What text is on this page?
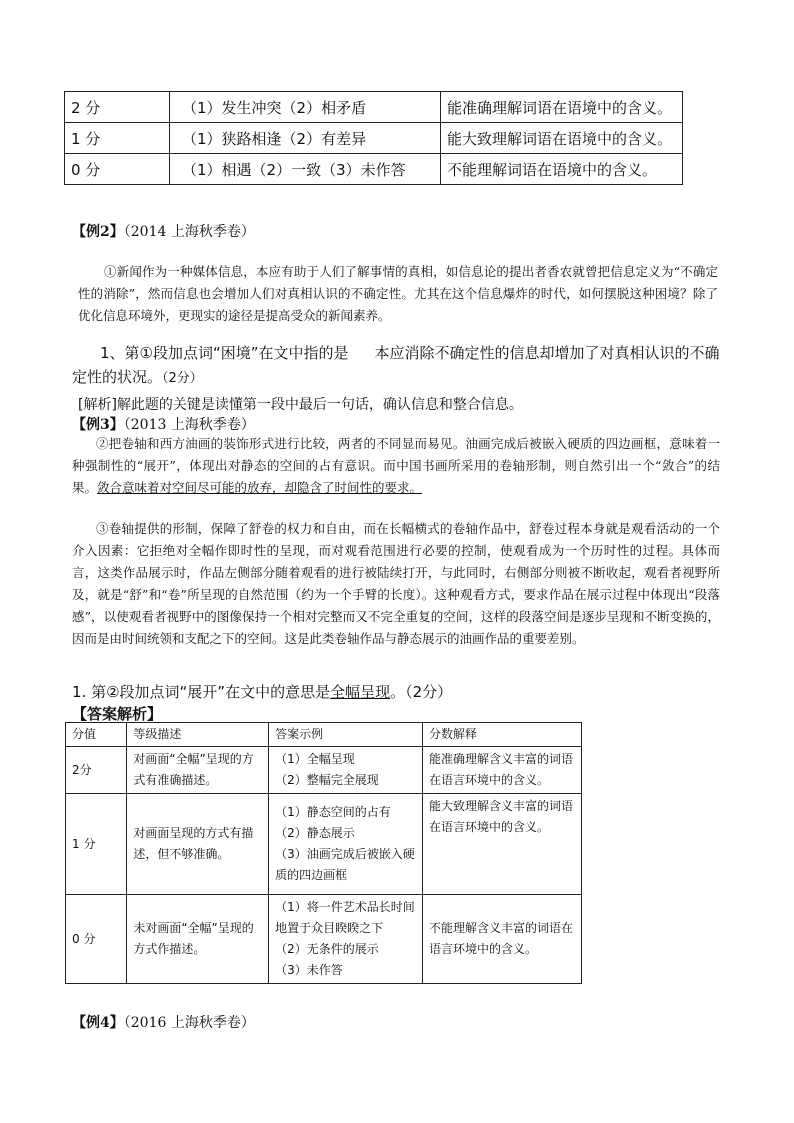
2 分	（1）发生冲突（2）相矛盾	能准确理解词语在语境中的含义。
1 分	（1）狭路相逢（2）有差异	能大致理解词语在语境中的含义。
0 分	（1）相遇（2）一致（3）未作答	不能理解词语在语境中的含义。
【例2】（2014 上海秋季卷）

①新闻作为一种媒体信息，本应有助于人们了解事情的真相，如信息论的提出者香农就曾把信息定义为“不确定性的消除”，然而信息也会增加人们对真相认识的不确定性。尤其在这个信息爆炸的时代，如何摆脱这种困境？除了优化信息环境外，更现实的途径是提高受众的新闻素养。

1、第①段加点词“困境”在文中指的是 本应消除不确定性的信息却增加了对真相认识的不确定性的状况。（2分）

[解析]解此题的关键是读懂第一段中最后一句话，确认信息和整合信息。
【例3】（2013 上海秋季卷）

②把卷轴和西方油画的装饰形式进行比较，两者的不同显而易见。油画完成后被嵌入硬质的四边画框，意味着一种强制性的“展开”，体现出对静态的空间的占有意识。而中国书画所采用的卷轴形制，则自然引出一个“敛合”的结果。敛合意味着对空间尽可能的放弃，却隐含了时间性的要求。

③卷轴提供的形制，保障了舒卷的权力和自由，而在长幅横式的卷轴作品中，舒卷过程本身就是观看活动的一个介入因素：它拒绝对全幅作即时性的呈现，而对观看范围进行必要的控制，使观看成为一个历时性的过程。具体而言，这类作品展示时，作品左侧部分随着观看的进行被陆续打开，与此同时，右侧部分则被不断收起，观看者视野所及，就是“舒”和“卷”所呈现的自然范围（约为一个手臂的长度）。这种观看方式，要求作品在展示过程中体现出“段落感”，以使观看者视野中的图像保持一个相对完整而又不完全重复的空间，这样的段落空间是逐步呈现和不断变换的，因而是由时间统领和支配之下的空间。这是此类卷轴作品与静态展示的油画作品的重要差别。

1. 第②段加点词“展开”在文中的意思是全幅呈现。（2分）

【答案解析】
分值	等级描述	答案示例	分数解释
2分	对画面“全幅”呈现的方式有准确描述。	（1）全幅呈现
（2）整幅完全展现	能准确理解含义丰富的词语在语言环境中的含义。
1 分	对画面呈现的方式有描述，但不够准确。	（1）静态空间的占有
（2）静态展示
（3）油画完成后被嵌入硬质的四边画框	能大致理解含义丰富的词语在语言环境中的含义。
0 分	未对画面“全幅”呈现的方式作描述。	（1）将一件艺术品长时间地置于众目睽睽之下
（2）无条件的展示
（3）未作答	不能理解含义丰富的词语在语言环境中的含义。
【例4】（2016 上海秋季卷）
